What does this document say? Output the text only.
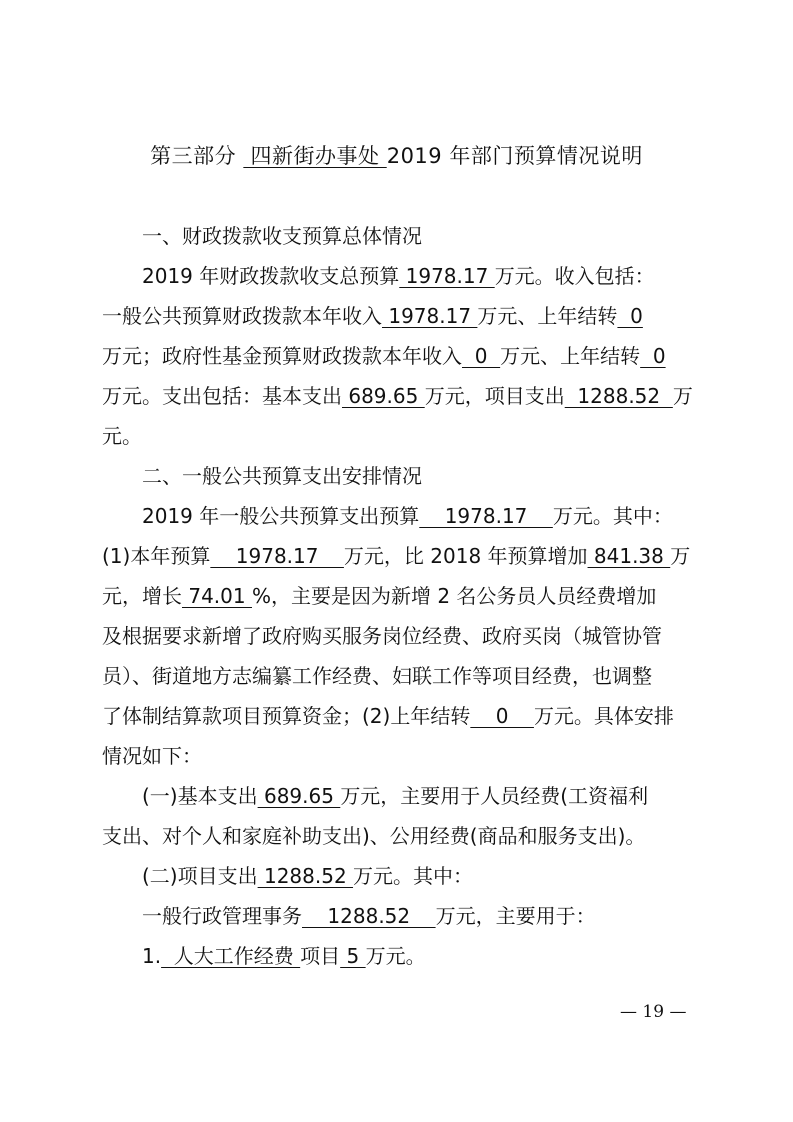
第三部分  四新街办事处 2019 年部门预算情况说明
一、财政拨款收支预算总体情况
2019 年财政拨款收支总预算 1978.17 万元。收入包括：
一般公共预算财政拨款本年收入 1978.17 万元、上年结转  0
万元；政府性基金预算财政拨款本年收入  0  万元、上年结转  0
万元。支出包括：基本支出 689.65 万元，项目支出  1288.52  万
元。
二、一般公共预算支出安排情况
2019 年一般公共预算支出预算    1978.17    万元。其中：
(1)本年预算    1978.17    万元，比 2018 年预算增加 841.38 万
元，增长 74.01 %，主要是因为新增 2 名公务员人员经费增加
及根据要求新增了政府购买服务岗位经费、政府买岗（城管协管
员）、街道地方志编纂工作经费、妇联工作等项目经费，也调整
了体制结算款项目预算资金；(2)上年结转    0    万元。具体安排
情况如下：
(一)基本支出 689.65 万元，主要用于人员经费(工资福利
支出、对个人和家庭补助支出)、公用经费(商品和服务支出)。
(二)项目支出 1288.52 万元。其中：
一般行政管理事务    1288.52    万元，主要用于：
1.  人大工作经费 项目 5 万元。
— 19 —
